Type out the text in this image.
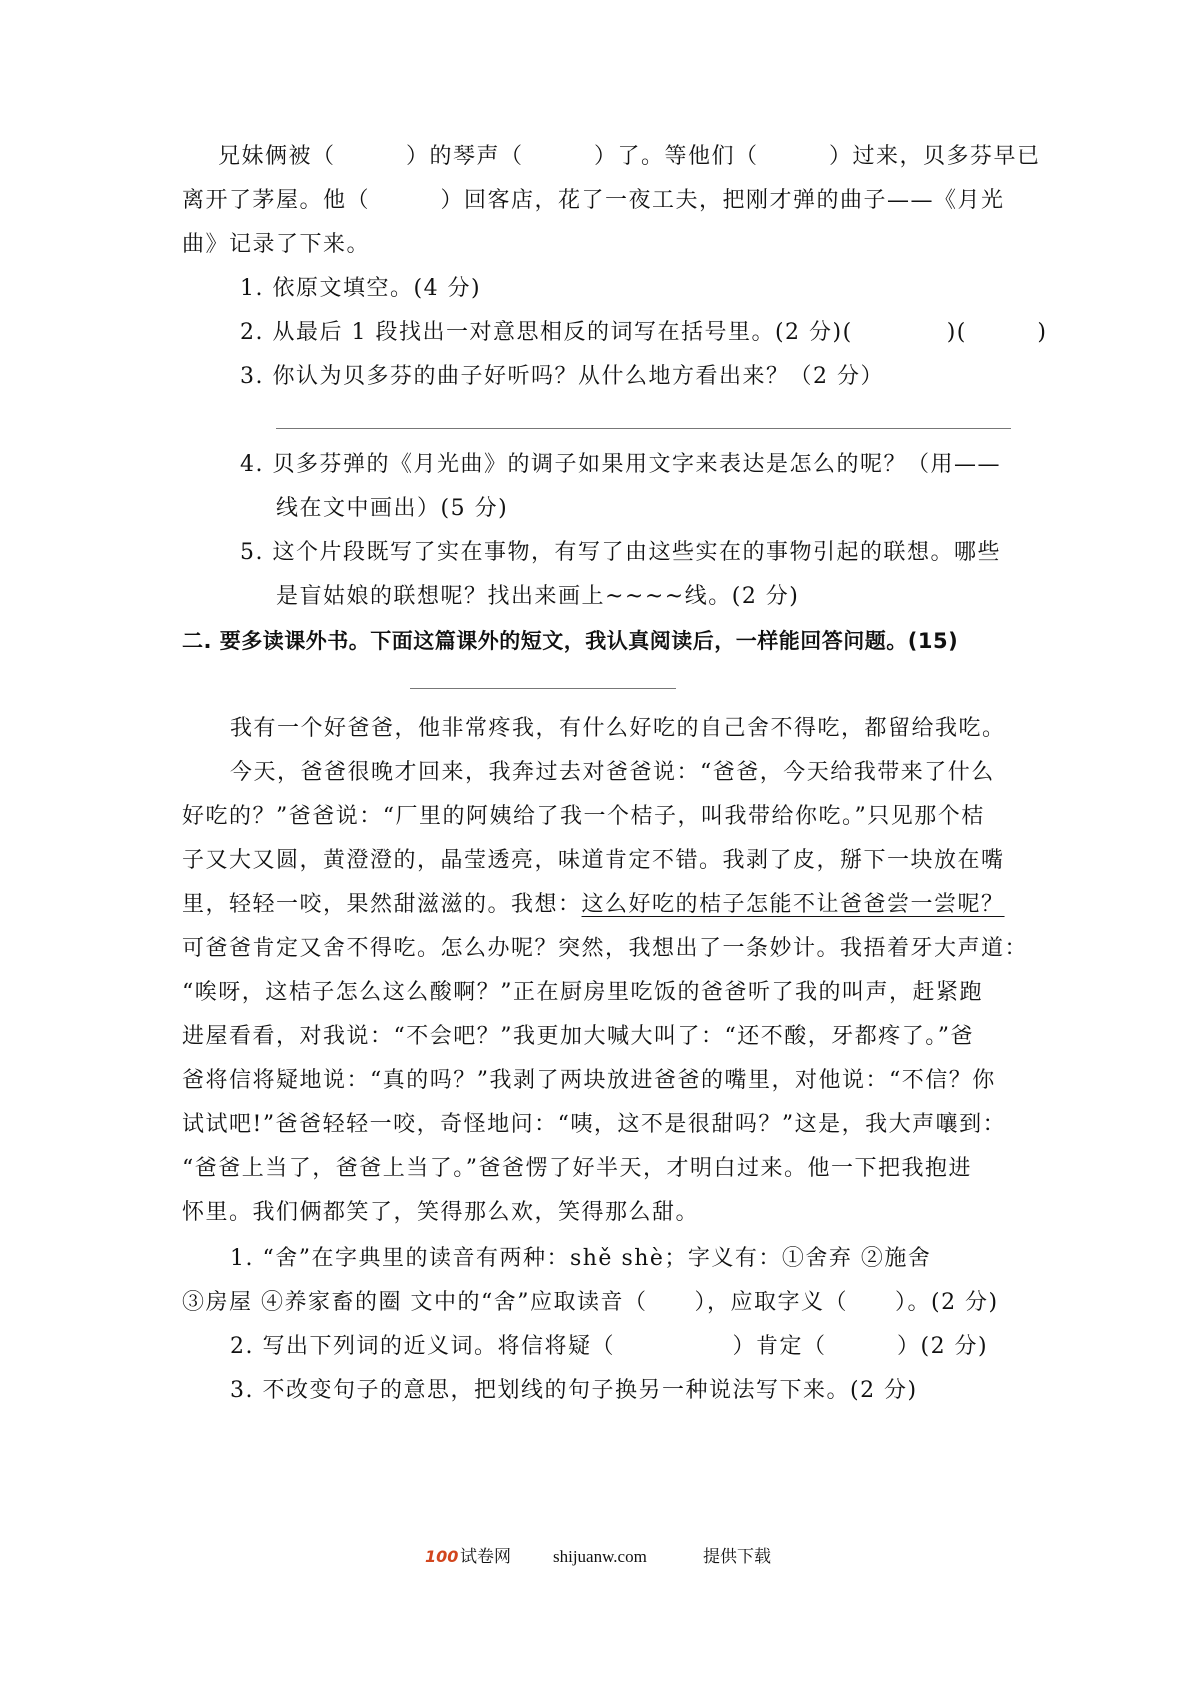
兄妹俩被（　　　）的琴声（　　　）了。等他们（　　　）过来，贝多芬早已
离开了茅屋。他（　　　）回客店，花了一夜工夫，把刚才弹的曲子——《月光
曲》记录了下来。
1. 依原文填空。(4 分)
2. 从最后 1 段找出一对意思相反的词写在括号里。(2 分)(　　　　)(　　　)
3. 你认为贝多芬的曲子好听吗？从什么地方看出来？（2 分）
4. 贝多芬弹的《月光曲》的调子如果用文字来表达是怎么的呢？（用——
线在文中画出）(5 分)
5. 这个片段既写了实在事物，有写了由这些实在的事物引起的联想。哪些
是盲姑娘的联想呢？找出来画上~~~~线。(2 分)
二. 要多读课外书。下面这篇课外的短文，我认真阅读后，一样能回答问题。(15)
我有一个好爸爸，他非常疼我，有什么好吃的自己舍不得吃，都留给我吃。
今天，爸爸很晚才回来，我奔过去对爸爸说：“爸爸，今天给我带来了什么
好吃的？”爸爸说：“厂里的阿姨给了我一个桔子，叫我带给你吃。”只见那个桔
子又大又圆，黄澄澄的，晶莹透亮，味道肯定不错。我剥了皮，掰下一块放在嘴
里，轻轻一咬，果然甜滋滋的。我想：这么好吃的桔子怎能不让爸爸尝一尝呢？
可爸爸肯定又舍不得吃。怎么办呢？突然，我想出了一条妙计。我捂着牙大声道：
“唉呀，这桔子怎么这么酸啊？”正在厨房里吃饭的爸爸听了我的叫声，赶紧跑
进屋看看，对我说：“不会吧？”我更加大喊大叫了：“还不酸，牙都疼了。”爸
爸将信将疑地说：“真的吗？”我剥了两块放进爸爸的嘴里，对他说：“不信？你
试试吧!”爸爸轻轻一咬，奇怪地问：“咦，这不是很甜吗？”这是，我大声嚷到：
“爸爸上当了，爸爸上当了。”爸爸愣了好半天，才明白过来。他一下把我抱进
怀里。我们俩都笑了，笑得那么欢，笑得那么甜。
1. “舍”在字典里的读音有两种：shě shè；字义有：①舍弃 ②施舍
③房屋 ④养家畜的圈 文中的“舍”应取读音（　　），应取字义（　　）。(2 分)
2. 写出下列词的近义词。将信将疑（　　　　　）肯定（　　　）(2 分)
3. 不改变句子的意思，把划线的句子换另一种说法写下来。(2 分)
100 试卷网 shijuanw.com	提供下载
